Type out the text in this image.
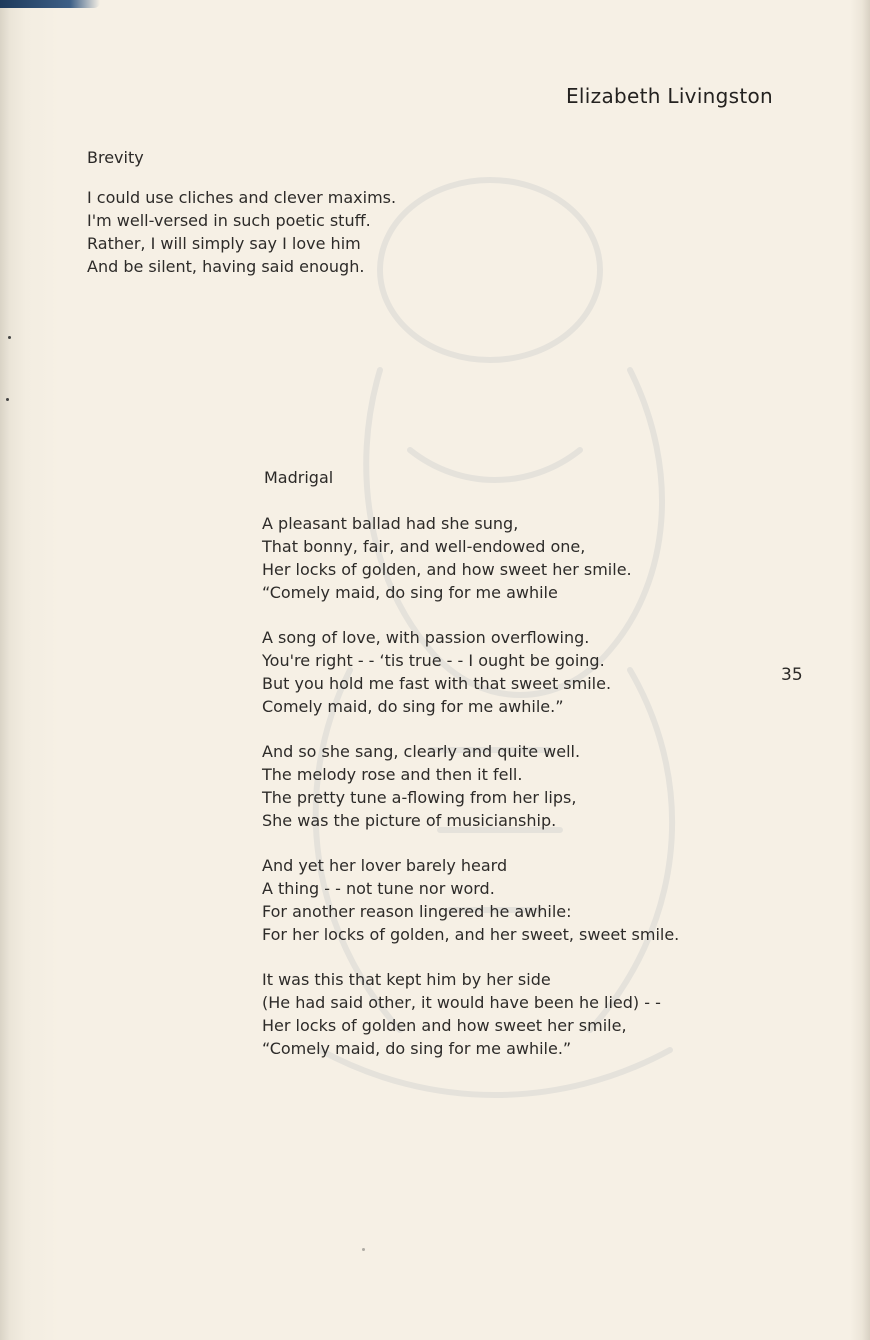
Elizabeth Livingston
Brevity

I could use cliches and clever maxims.
I'm well-versed in such poetic stuff.
Rather, I will simply say I love him
And be silent, having said enough.

Madrigal

A pleasant ballad had she sung,
That bonny, fair, and well-endowed one,
Her locks of golden, and how sweet her smile.
“Comely maid, do sing for me awhile

A song of love, with passion overflowing.
You're right - - ‘tis true - - I ought be going.
But you hold me fast with that sweet smile.
Comely maid, do sing for me awhile.”

And so she sang, clearly and quite well.
The melody rose and then it fell.
The pretty tune a-flowing from her lips,
She was the picture of musicianship.

And yet her lover barely heard
A thing - - not tune nor word.
For another reason lingered he awhile:
For her locks of golden, and her sweet, sweet smile.

It was this that kept him by her side
(He had said other, it would have been he lied) - -
Her locks of golden and how sweet her smile,
“Comely maid, do sing for me awhile.”

35
